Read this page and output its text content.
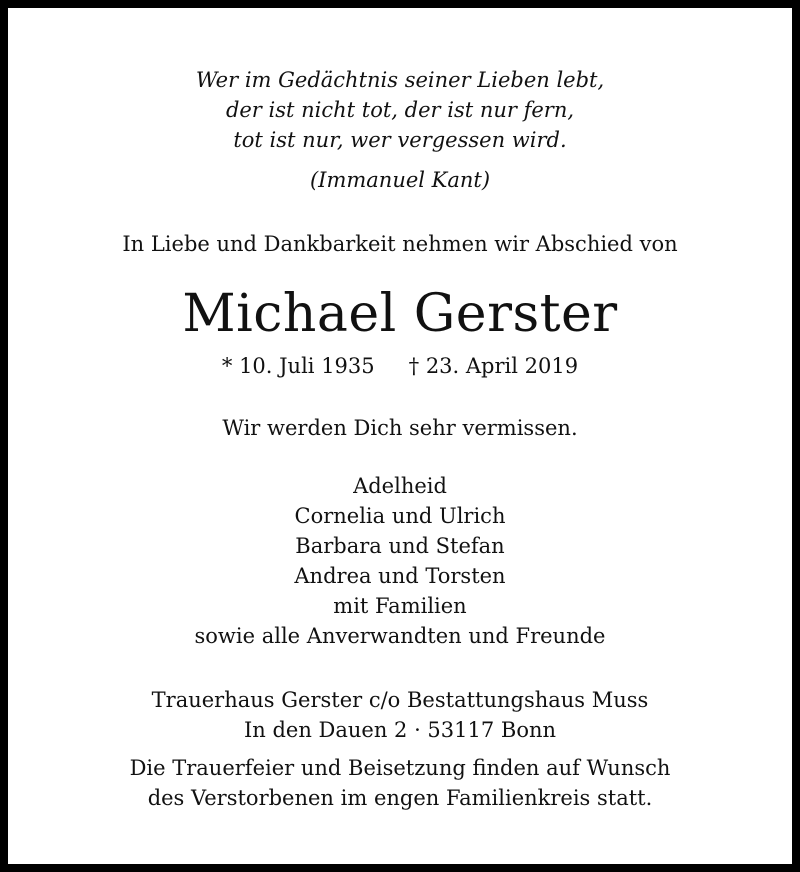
Wer im Gedächtnis seiner Lieben lebt,
der ist nicht tot, der ist nur fern,
tot ist nur, wer vergessen wird.
(Immanuel Kant)
In Liebe und Dankbarkeit nehmen wir Abschied von
Michael Gerster
* 10. Juli 1935 † 23. April 2019
Wir werden Dich sehr vermissen.
Adelheid
Cornelia und Ulrich
Barbara und Stefan
Andrea und Torsten
mit Familien
sowie alle Anverwandten und Freunde
Trauerhaus Gerster c/o Bestattungshaus Muss
In den Dauen 2 · 53117 Bonn
Die Trauerfeier und Beisetzung finden auf Wunsch
des Verstorbenen im engen Familienkreis statt.
